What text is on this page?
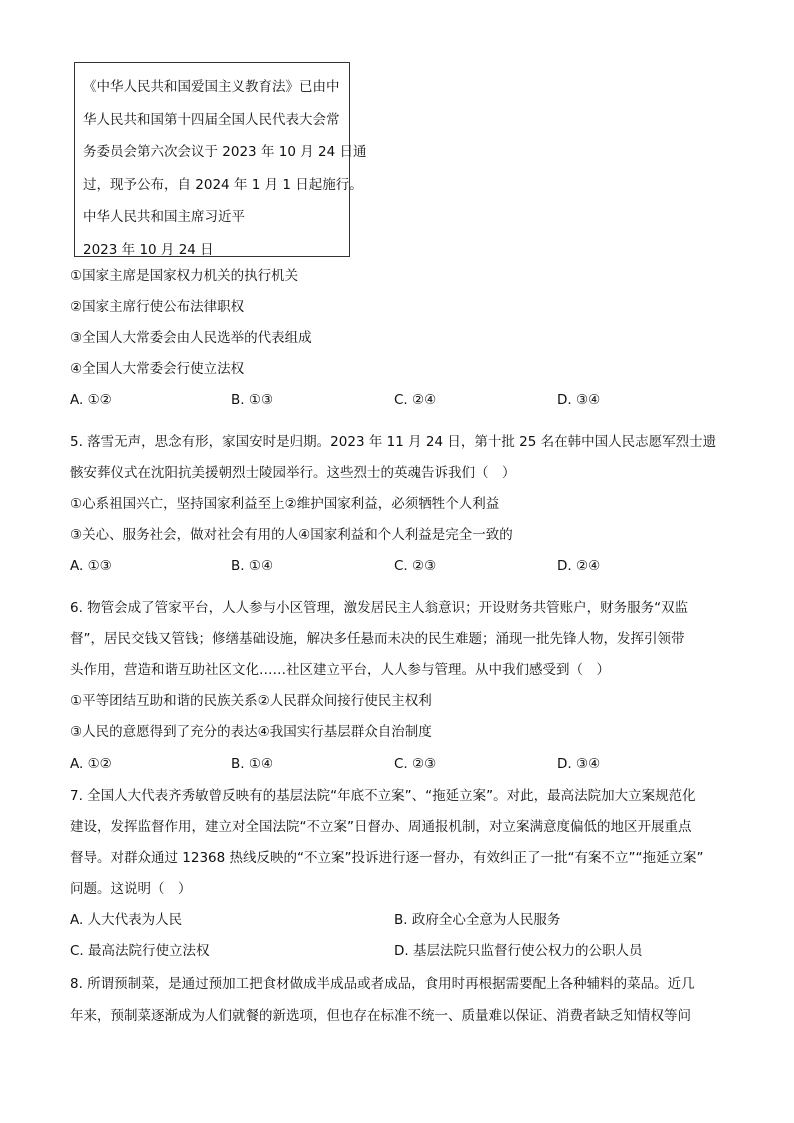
《中华人民共和国爱国主义教育法》已由中
华人民共和国第十四届全国人民代表大会常
务委员会第六次会议于 2023 年 10 月 24 日通
过，现予公布，自 2024 年 1 月 1 日起施行。
中华人民共和国主席习近平
2023 年 10 月 24 日
①国家主席是国家权力机关的执行机关
②国家主席行使公布法律职权
③全国人大常委会由人民选举的代表组成
④全国人大常委会行使立法权
A. ①②	B. ①③	C. ②④	D. ③④
5. 落雪无声，思念有形，家国安时是归期。2023 年 11 月 24 日，第十批 25 名在韩中国人民志愿军烈士遗
骸安葬仪式在沈阳抗美援朝烈士陵园举行。这些烈士的英魂告诉我们（　）
①心系祖国兴亡，坚持国家利益至上②维护国家利益，必须牺牲个人利益
③关心、服务社会，做对社会有用的人④国家利益和个人利益是完全一致的
A. ①③	B. ①④	C. ②③	D. ②④
6. 物管会成了管家平台，人人参与小区管理，激发居民主人翁意识；开设财务共管账户，财务服务“双监
督”，居民交钱又管钱；修缮基础设施，解决多任悬而未决的民生难题；涌现一批先锋人物，发挥引领带
头作用，营造和谐互助社区文化……社区建立平台，人人参与管理。从中我们感受到（　）
①平等团结互助和谐的民族关系②人民群众间接行使民主权利
③人民的意愿得到了充分的表达④我国实行基层群众自治制度
A. ①②	B. ①④	C. ②③	D. ③④
7. 全国人大代表齐秀敏曾反映有的基层法院“年底不立案”、“拖延立案”。对此，最高法院加大立案规范化
建设，发挥监督作用，建立对全国法院“不立案”日督办、周通报机制，对立案满意度偏低的地区开展重点
督导。对群众通过 12368 热线反映的“不立案”投诉进行逐一督办，有效纠正了一批“有案不立”“拖延立案”
问题。这说明（　）
A. 人大代表为人民	B. 政府全心全意为人民服务
C. 最高法院行使立法权	D. 基层法院只监督行使公权力的公职人员
8. 所谓预制菜，是通过预加工把食材做成半成品或者成品，食用时再根据需要配上各种辅料的菜品。近几
年来，预制菜逐渐成为人们就餐的新选项，但也存在标准不统一、质量难以保证、消费者缺乏知情权等问
